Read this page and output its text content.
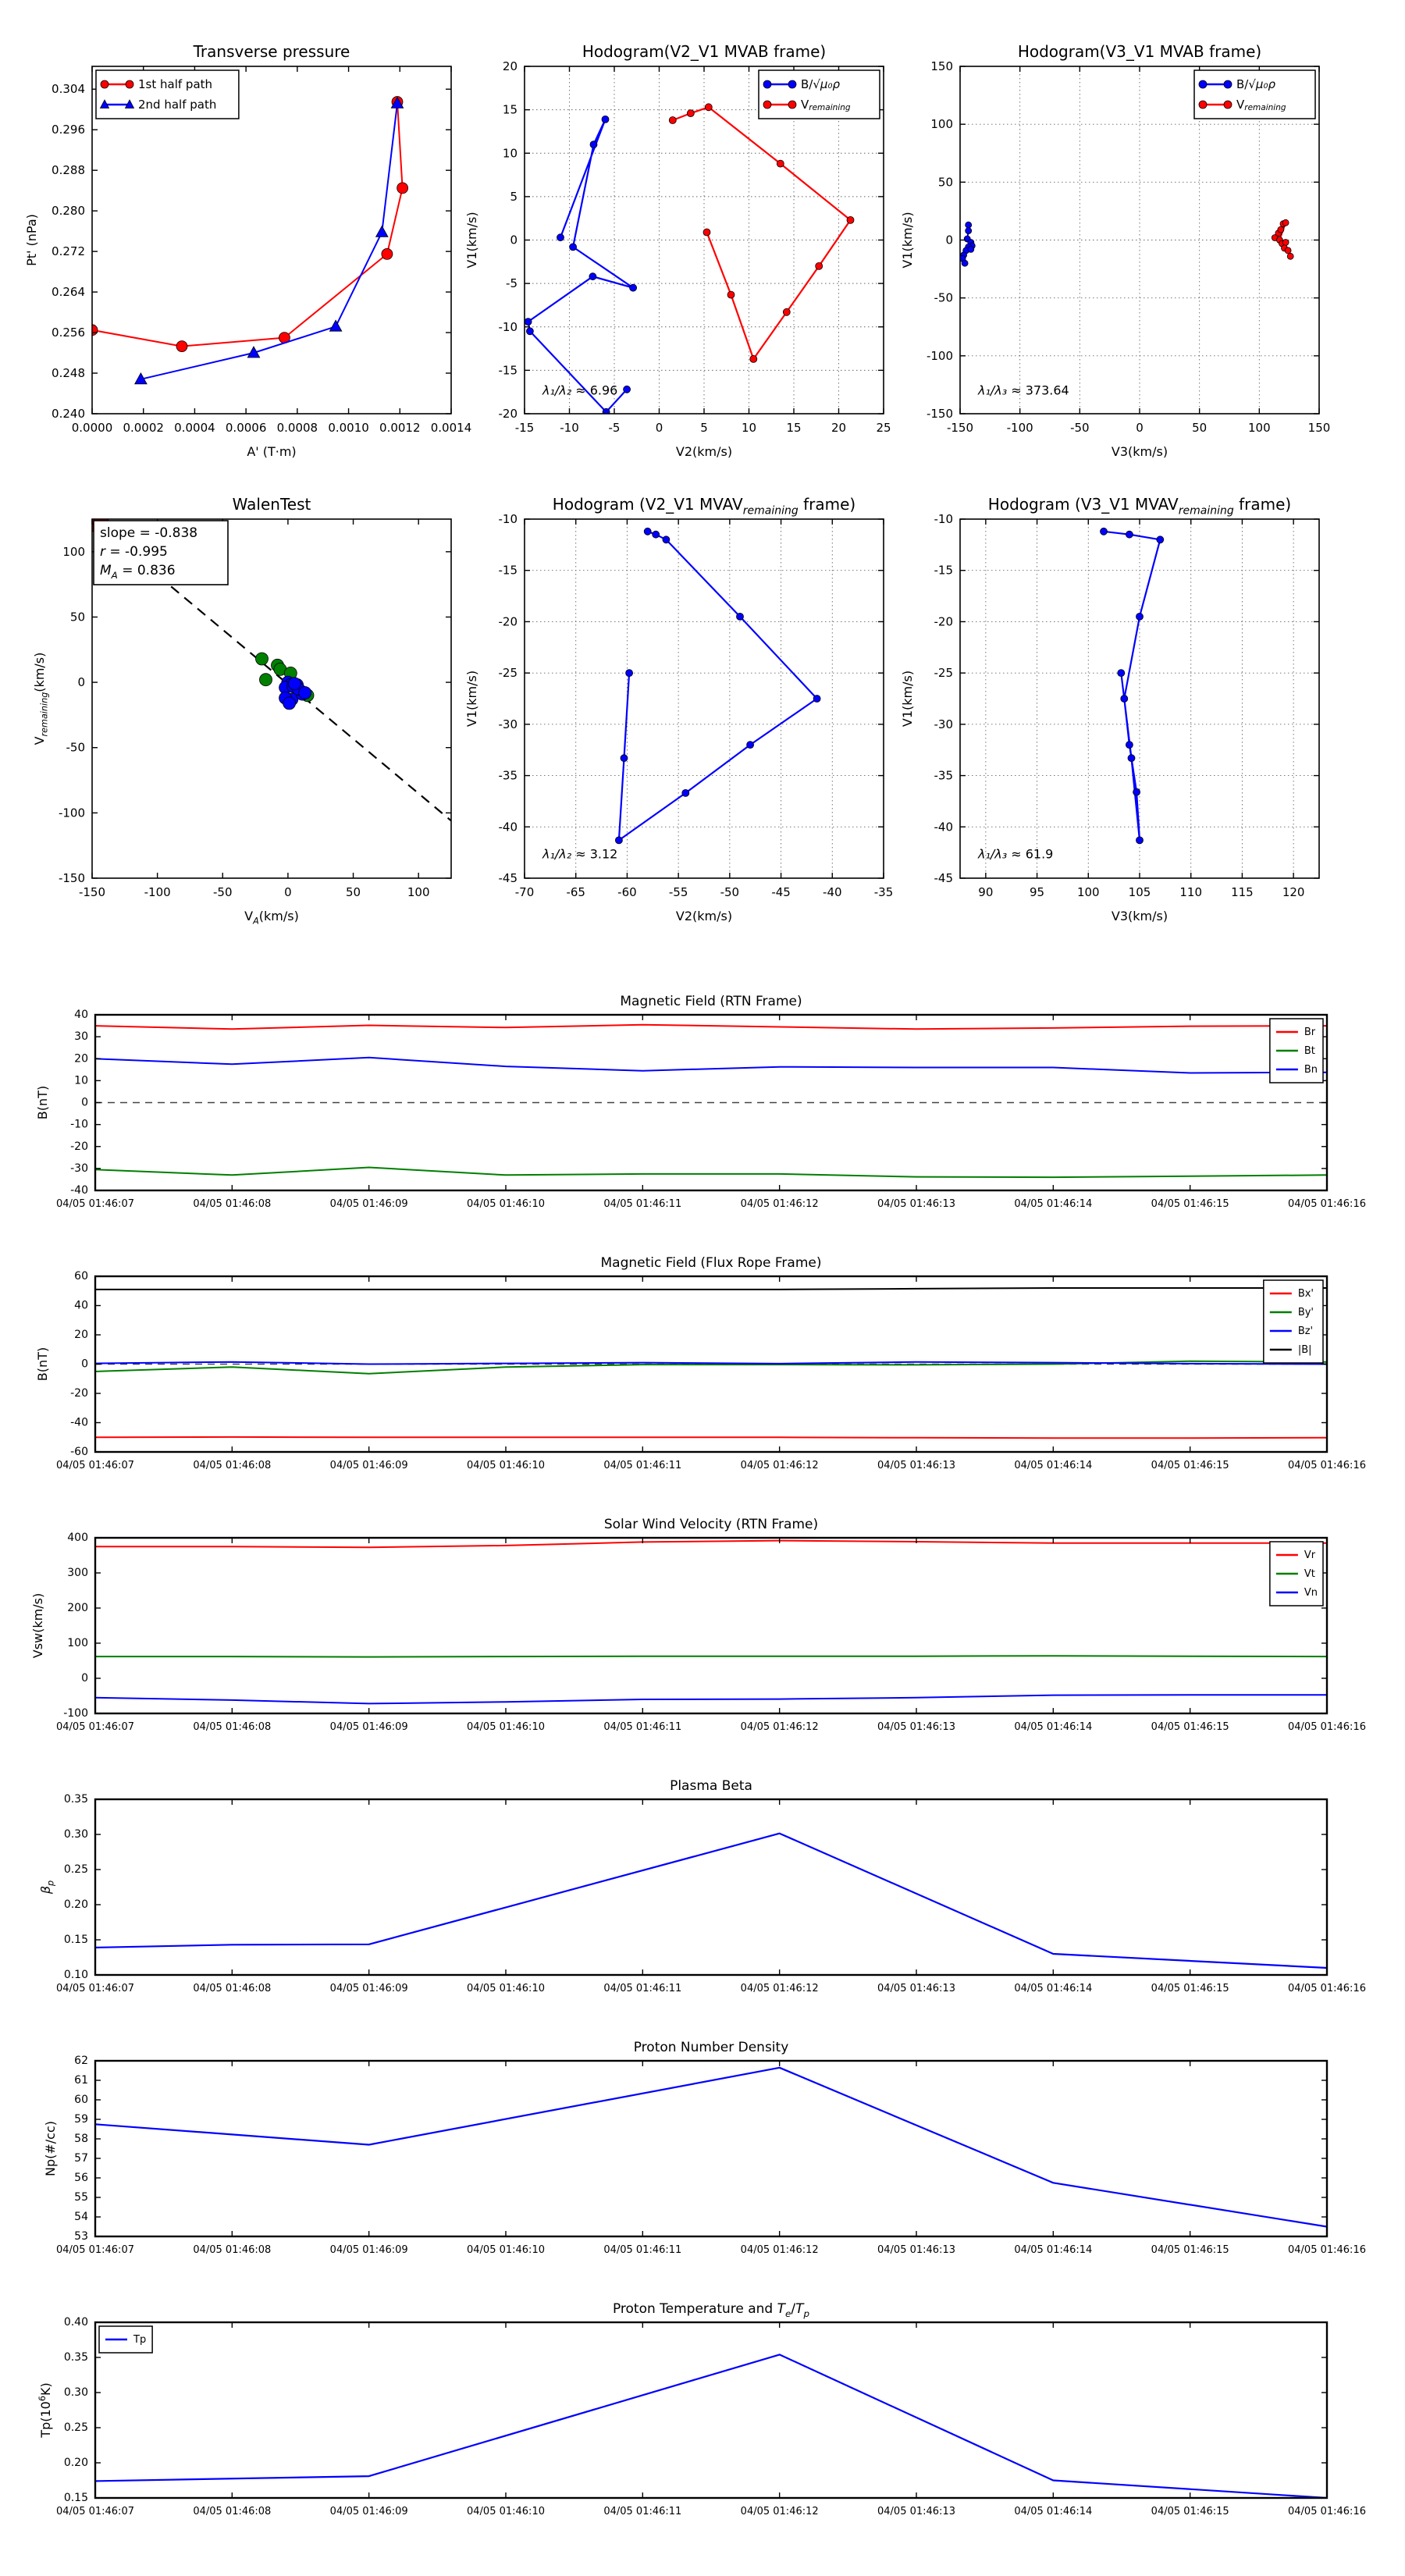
0.0000 0.0002 0.0004 0.0006 0.0008 0.0010 0.0012 0.0014
0.240
0.248
0.256
0.264
0.272
0.280
0.288
0.296
0.304
Transverse pressure
A' (T·m)
Pt' (nPa)
1st half path
2nd half path
-15 -10	-5	0	5	10	15	20	25
-20
-15
-10
-5
0
5
10
15
20
Hodogram(V2_V1 MVAB frame)
V2(km/s)
V1(km/s)
B/√μ₀ρ
$V_{remaining}$
λ₁/λ₂ ≈ 6.96
-150	-100	-50	0	50	100	150
-150
-100
-50
0
50
100
150
Hodogram(V3_V1 MVAB frame)
V3(km/s)
V1(km/s)
B/√μ₀ρ
$V_{remaining}$
λ₁/λ₃ ≈ 373.64
-150	-100	-50	0	50	100
-150
-100
-50
0
50
100
WalenTest
$V_A(km/s)$
$V_{remaining}(km/s)$
slope = -0.838
r = -0.995
$M_A = 0.836$
-70	-65	-60	-55	-50	-45	-40	-35
-45
-40
-35
-30
-25
-20
-15
-10
Hodogram (V2_V1 $MVAV_{remaining}$ frame)
V2(km/s)
V1(km/s)
λ₁/λ₂ ≈ 3.12
90	95	100 105 110 115 120
-45
-40
-35
-30
-25
-20
-15
-10
Hodogram (V3_V1 $MVAV_{remaining}$ frame)
V3(km/s)
V1(km/s)
λ₁/λ₃ ≈ 61.9
04/05 01:46:07	04/05 01:46:08	04/05 01:46:09	04/05 01:46:10	04/05 01:46:11	04/05 01:46:12	04/05 01:46:13	04/05 01:46:14	04/05 01:46:15	04/05 01:46:16
-40
-30
-20
-10
0
10
20
30
40
Magnetic Field (RTN Frame)
B(nT)
Br
Bt
Bn
04/05 01:46:07	04/05 01:46:08	04/05 01:46:09	04/05 01:46:10	04/05 01:46:11	04/05 01:46:12	04/05 01:46:13	04/05 01:46:14	04/05 01:46:15	04/05 01:46:16
-60
-40
-20
0
20
40
60
Magnetic Field (Flux Rope Frame)
B(nT)
Bx'
By'
Bz'
|B|
04/05 01:46:07	04/05 01:46:08	04/05 01:46:09	04/05 01:46:10	04/05 01:46:11	04/05 01:46:12	04/05 01:46:13	04/05 01:46:14	04/05 01:46:15	04/05 01:46:16
-100
0
100
200
300
400
Solar Wind Velocity (RTN Frame)
Vsw(km/s)
Vr
Vt
Vn
04/05 01:46:07	04/05 01:46:08	04/05 01:46:09	04/05 01:46:10	04/05 01:46:11	04/05 01:46:12	04/05 01:46:13	04/05 01:46:14	04/05 01:46:15	04/05 01:46:16
0.10
0.15
0.20
0.25
0.30
0.35
Plasma Beta
$\beta_p$
04/05 01:46:07	04/05 01:46:08	04/05 01:46:09	04/05 01:46:10	04/05 01:46:11	04/05 01:46:12	04/05 01:46:13	04/05 01:46:14	04/05 01:46:15	04/05 01:46:16
53
54
55
56
57
58
59
60
61
62
Proton Number Density
Np(#/cc)
04/05 01:46:07	04/05 01:46:08	04/05 01:46:09	04/05 01:46:10	04/05 01:46:11	04/05 01:46:12	04/05 01:46:13	04/05 01:46:14	04/05 01:46:15	04/05 01:46:16
0.15
0.20
0.25
0.30
0.35
0.40
Proton Temperature and $T_e/T_p$
$Tp(10^6K)$
Tp
